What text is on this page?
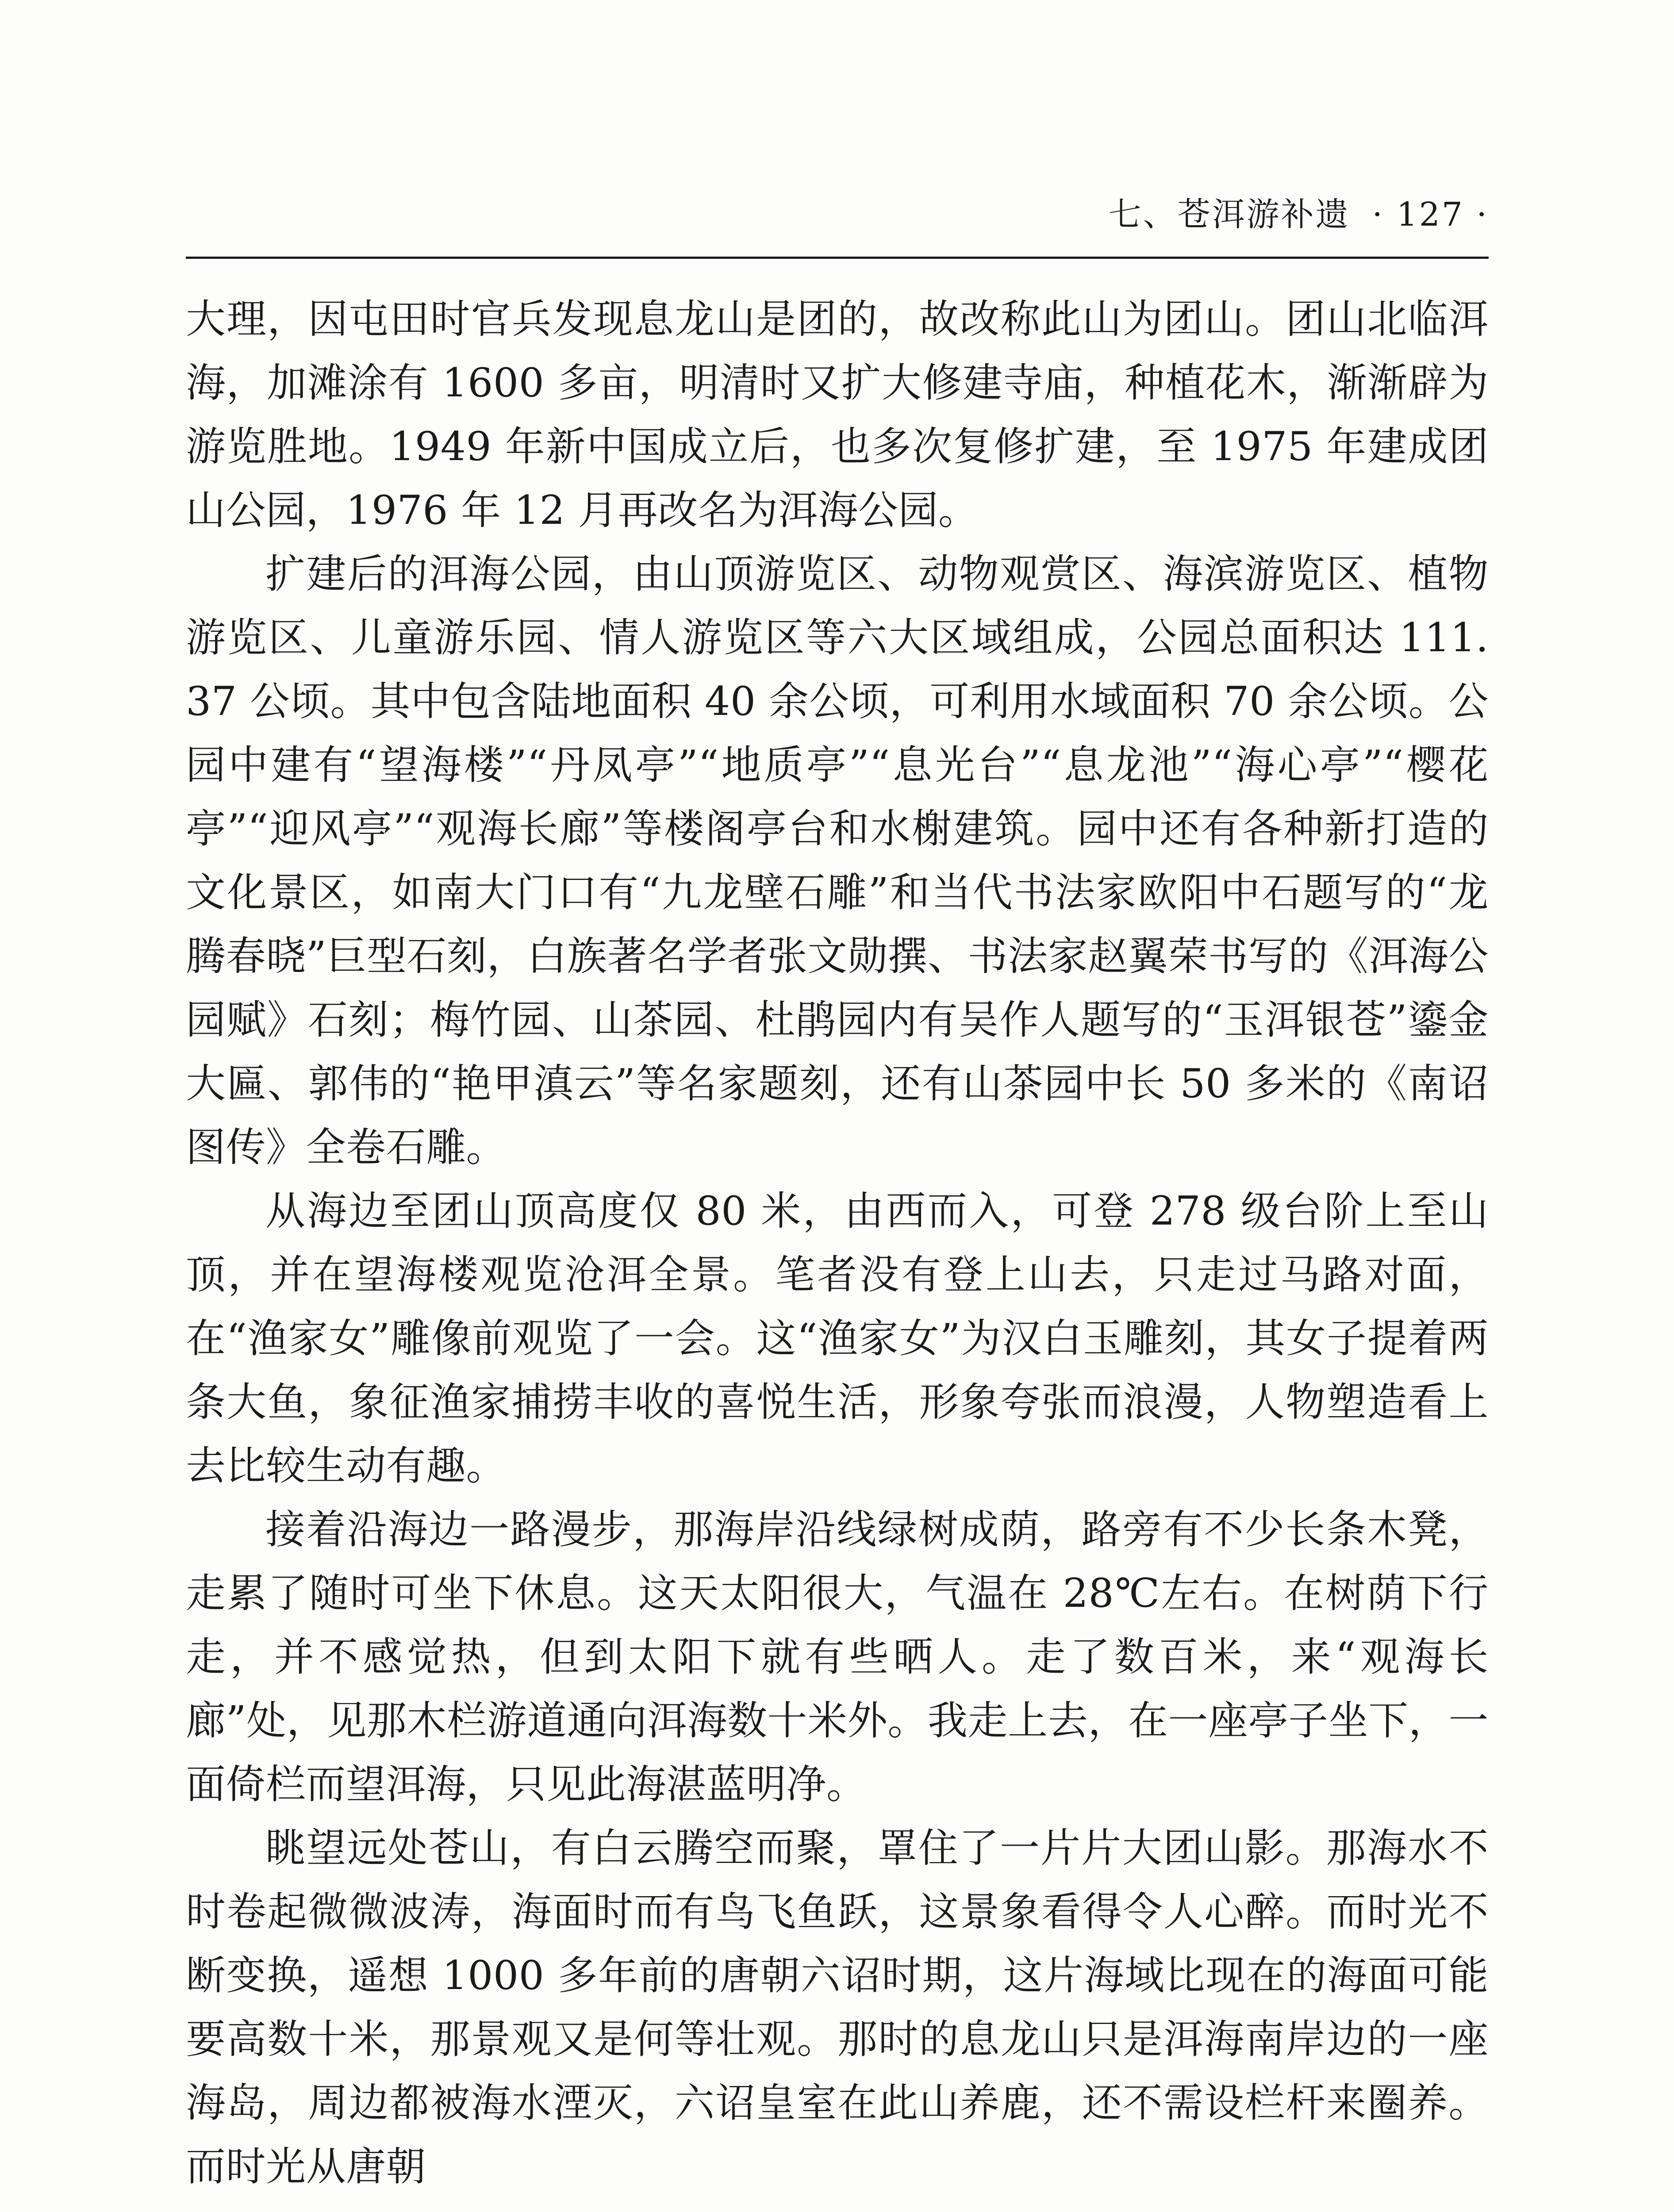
七、苍洱游补遗 · 127 ·

大理，因屯田时官兵发现息龙山是团的，故改称此山为团山。团山北临洱海，加滩涂有 1600 多亩，明清时又扩大修建寺庙，种植花木，渐渐辟为游览胜地。1949 年新中国成立后，也多次复修扩建，至 1975 年建成团山公园，1976 年 12 月再改名为洱海公园。

扩建后的洱海公园，由山顶游览区、动物观赏区、海滨游览区、植物游览区、儿童游乐园、情人游览区等六大区域组成，公园总面积达 111. 37 公顷。其中包含陆地面积 40 余公顷，可利用水域面积 70 余公顷。公园中建有“望海楼”“丹凤亭”“地质亭”“息光台”“息龙池”“海心亭”“樱花亭”“迎风亭”“观海长廊”等楼阁亭台和水榭建筑。园中还有各种新打造的文化景区，如南大门口有“九龙壁石雕”和当代书法家欧阳中石题写的“龙腾春晓”巨型石刻，白族著名学者张文勋撰、书法家赵翼荣书写的《洱海公园赋》石刻；梅竹园、山茶园、杜鹃园内有吴作人题写的“玉洱银苍”鎏金大匾、郭伟的“艳甲滇云”等名家题刻，还有山茶园中长 50 多米的《南诏图传》全卷石雕。

从海边至团山顶高度仅 80 米，由西而入，可登 278 级台阶上至山顶，并在望海楼观览沧洱全景。笔者没有登上山去，只走过马路对面，在“渔家女”雕像前观览了一会。这“渔家女”为汉白玉雕刻，其女子提着两条大鱼，象征渔家捕捞丰收的喜悦生活，形象夸张而浪漫，人物塑造看上去比较生动有趣。

接着沿海边一路漫步，那海岸沿线绿树成荫，路旁有不少长条木凳，走累了随时可坐下休息。这天太阳很大，气温在 28℃左右。在树荫下行走，并不感觉热，但到太阳下就有些晒人。走了数百米，来“观海长廊”处，见那木栏游道通向洱海数十米外。我走上去，在一座亭子坐下，一面倚栏而望洱海，只见此海湛蓝明净。

眺望远处苍山，有白云腾空而聚，罩住了一片片大团山影。那海水不时卷起微微波涛，海面时而有鸟飞鱼跃，这景象看得令人心醉。而时光不断变换，遥想 1000 多年前的唐朝六诏时期，这片海域比现在的海面可能要高数十米，那景观又是何等壮观。那时的息龙山只是洱海南岸边的一座海岛，周边都被海水湮灭，六诏皇室在此山养鹿，还不需设栏杆来圈养。而时光从唐朝
